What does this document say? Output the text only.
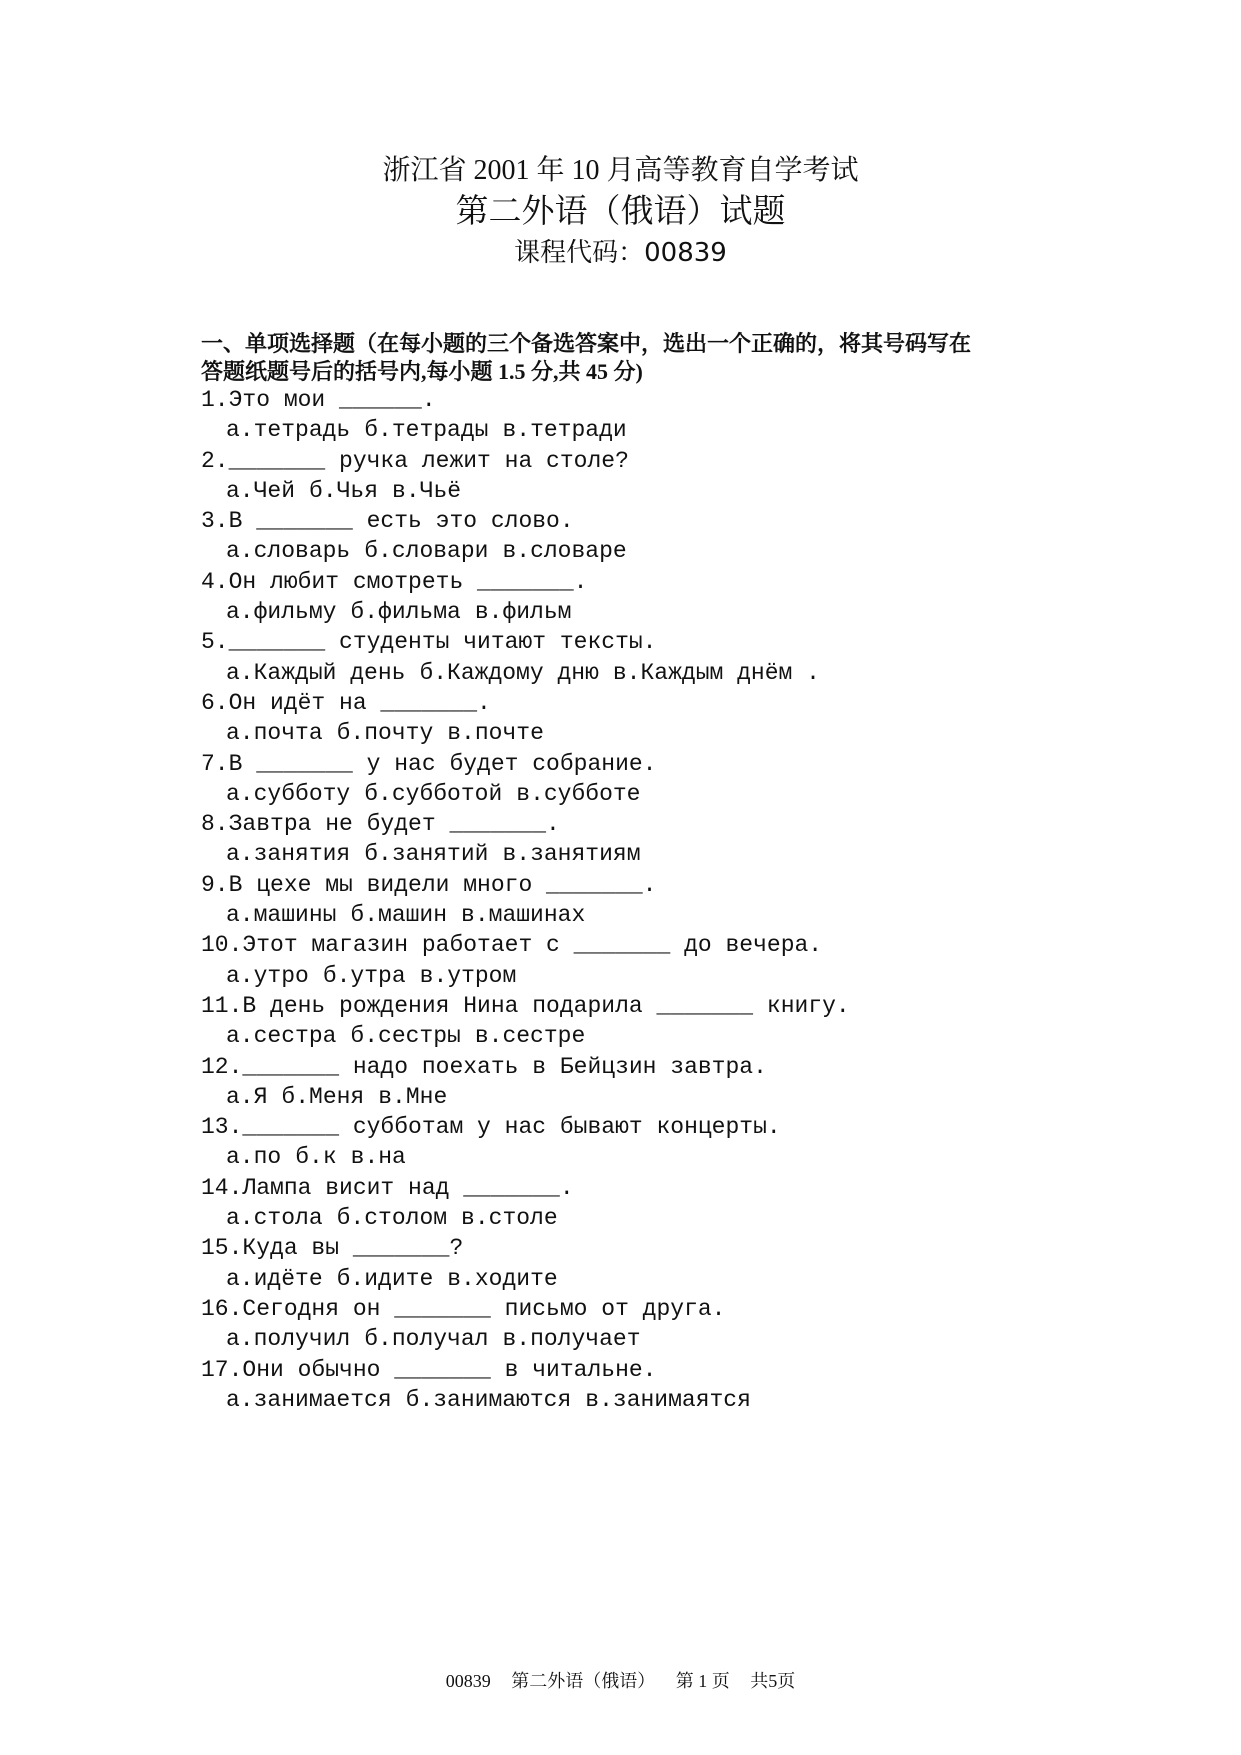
浙江省 2001 年 10 月高等教育自学考试
第二外语（俄语）试题
课程代码：00839
一、单项选择题（在每小题的三个备选答案中，选出一个正确的，将其号码写在
答题纸题号后的括号内,每小题 1.5 分,共 45 分)
1.Это мои ______.
а.тетрадь б.тетрады в.тетради
2._______ ручка лежит на столе?
а.Чей б.Чья в.Чьё
3.В _______ есть это слово.
а.словарь б.словари в.словаре
4.Он любит смотреть _______.
а.фильму б.фильма в.фильм
5._______ студенты читают тексты.
а.Каждый день б.Каждому дню в.Каждым днём .
6.Он идёт на _______.
а.почта б.почту в.почте
7.В _______ у нас будет собрание.
а.субботу б.субботой в.субботе
8.Завтра не будет _______.
а.занятия б.занятий в.занятиям
9.В цехе мы видели много _______.
а.машины б.машин в.машинах
10.Этот магазин работает с _______ до вечера.
а.утро б.утра в.утром
11.В день рождения Нина подарила _______ книгу.
а.сестра б.сестры в.сестре
12._______ надо поехать в Бейцзин завтра.
а.Я б.Меня в.Мне
13._______ субботам у нас бывают концерты.
а.по б.к в.на
14.Лампа висит над _______.
а.стола б.столом в.столе
15.Куда вы _______?
а.идёте б.идите в.ходите
16.Сегодня он _______ письмо от друга.
а.получил б.получал в.получает
17.Они обычно _______ в читальне.
а.занимается б.занимаются в.занимаятся
00839 第二外语（俄语） 第 1 页 共5页
